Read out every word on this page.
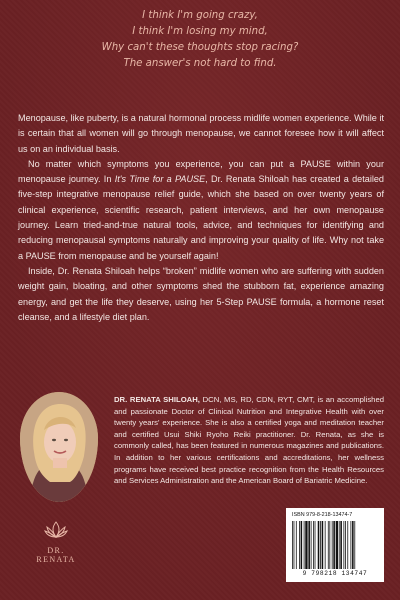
I think I'm going crazy,
I think I'm losing my mind,
Why can't these thoughts stop racing?
The answer's not hard to find.

Menopause, like puberty, is a natural hormonal process midlife women experience. While it is certain that all women will go through menopause, we cannot foresee how it will affect us on an individual basis.

No matter which symptoms you experience, you can put a PAUSE within your menopause journey. In It's Time for a PAUSE, Dr. Renata Shiloah has created a detailed five-step integrative menopause relief guide, which she based on over twenty years of clinical experience, scientific research, patient interviews, and her own menopause journey. Learn tried-and-true natural tools, advice, and techniques for identifying and reducing menopausal symptoms naturally and improving your quality of life. Why not take a PAUSE from menopause and be yourself again!

Inside, Dr. Renata Shiloah helps “broken” midlife women who are suffering with sudden weight gain, bloating, and other symptoms shed the stubborn fat, experience amazing energy, and get the life they deserve, using her 5-Step PAUSE formula, a hormone reset cleanse, and a lifestyle diet plan.

DR. RENATA SHILOAH, DCN, MS, RD, CDN, RYT, CMT, is an accomplished and passionate Doctor of Clinical Nutrition and Integrative Health with over twenty years' experience. She is also a certified yoga and meditation teacher and certified Usui Shiki Ryoho Reiki practitioner. Dr. Renata, as she is commonly called, has been featured in numerous magazines and publications. In addition to her various certifications and accreditations, her wellness programs have received best practice recognition from the Health Resources and Services Administration and the American Board of Bariatric Medicine.
DR. RENATA
ISBN 979-8-218-13474-7
9 798218 134747
